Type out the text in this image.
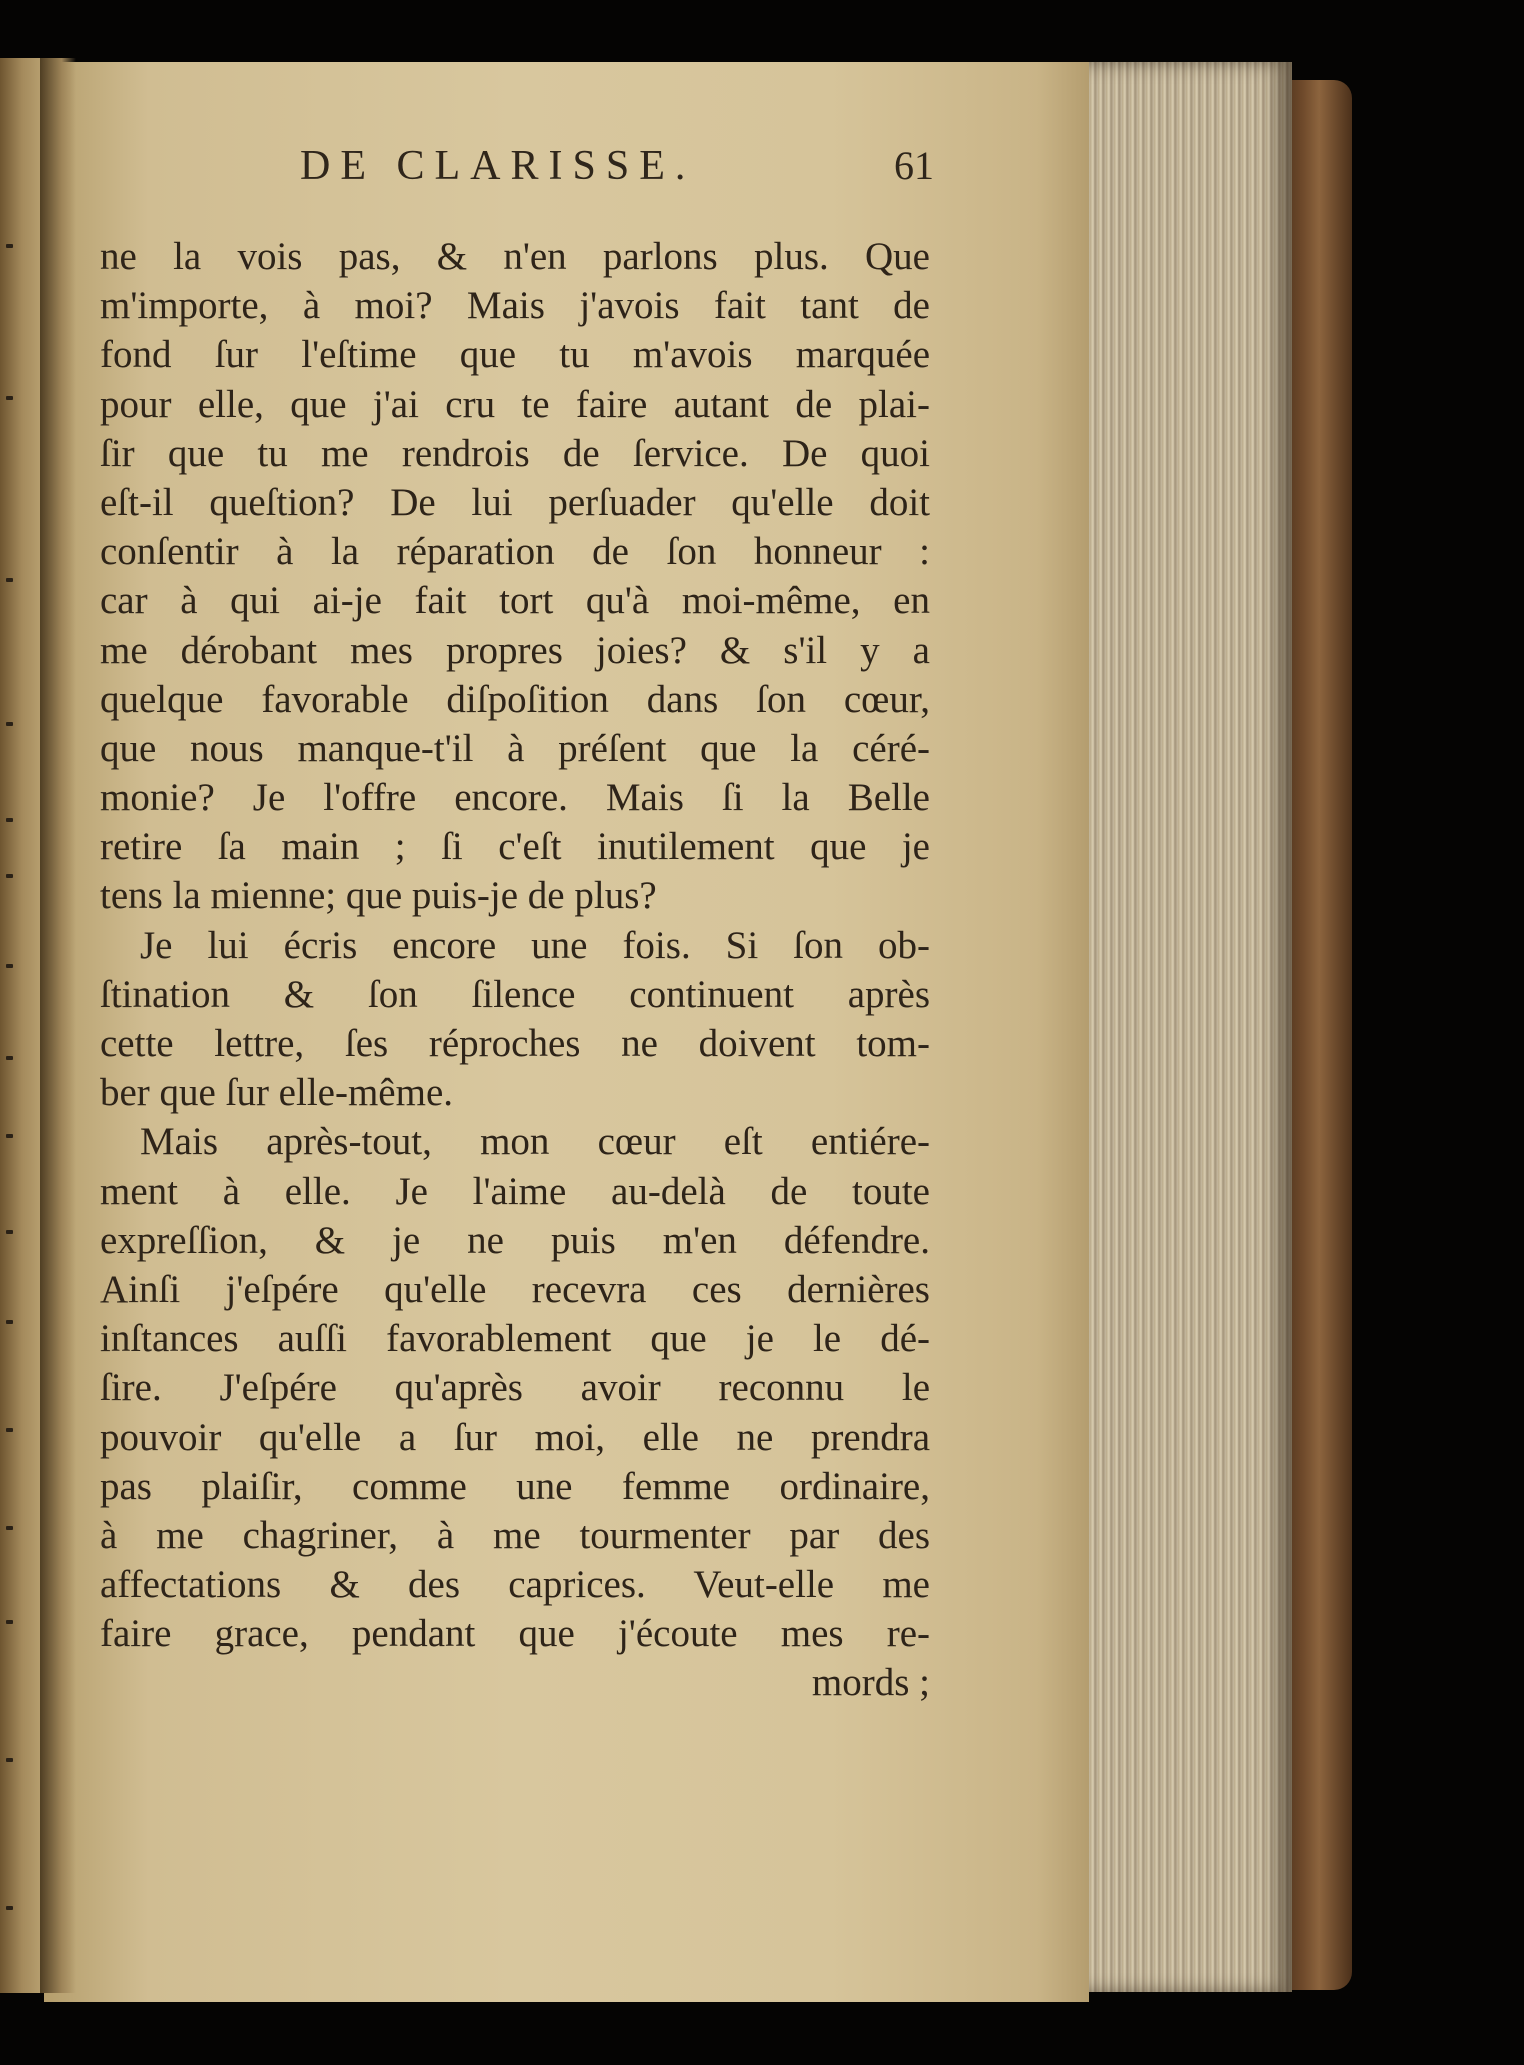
DE CLARISSE.	61
ne la vois pas, & n'en parlons plus. Que
m'importe, à moi? Mais j'avois fait tant de
fond ſur l'eſtime que tu m'avois marquée
pour elle, que j'ai cru te faire autant de plai-
ſir que tu me rendrois de ſervice. De quoi
eſt-il queſtion? De lui perſuader qu'elle doit
conſentir à la réparation de ſon honneur :
car à qui ai-je fait tort qu'à moi-même, en
me dérobant mes propres joies? & s'il y a
quelque favorable diſpoſition dans ſon cœur,
que nous manque-t'il à préſent que la céré-
monie? Je l'offre encore. Mais ſi la Belle
retire ſa main ; ſi c'eſt inutilement que je
tens la mienne; que puis-je de plus?
Je lui écris encore une fois. Si ſon ob-
ſtination & ſon ſilence continuent après
cette lettre, ſes réproches ne doivent tom-
ber que ſur elle-même.
Mais après-tout, mon cœur eſt entiére-
ment à elle. Je l'aime au-delà de toute
expreſſion, & je ne puis m'en défendre.
Ainſi j'eſpére qu'elle recevra ces dernières
inſtances auſſi favorablement que je le dé-
ſire. J'eſpére qu'après avoir reconnu le
pouvoir qu'elle a ſur moi, elle ne prendra
pas plaiſir, comme une femme ordinaire,
à me chagriner, à me tourmenter par des
affectations & des caprices. Veut-elle me
faire grace, pendant que j'écoute mes re-
mords ;
